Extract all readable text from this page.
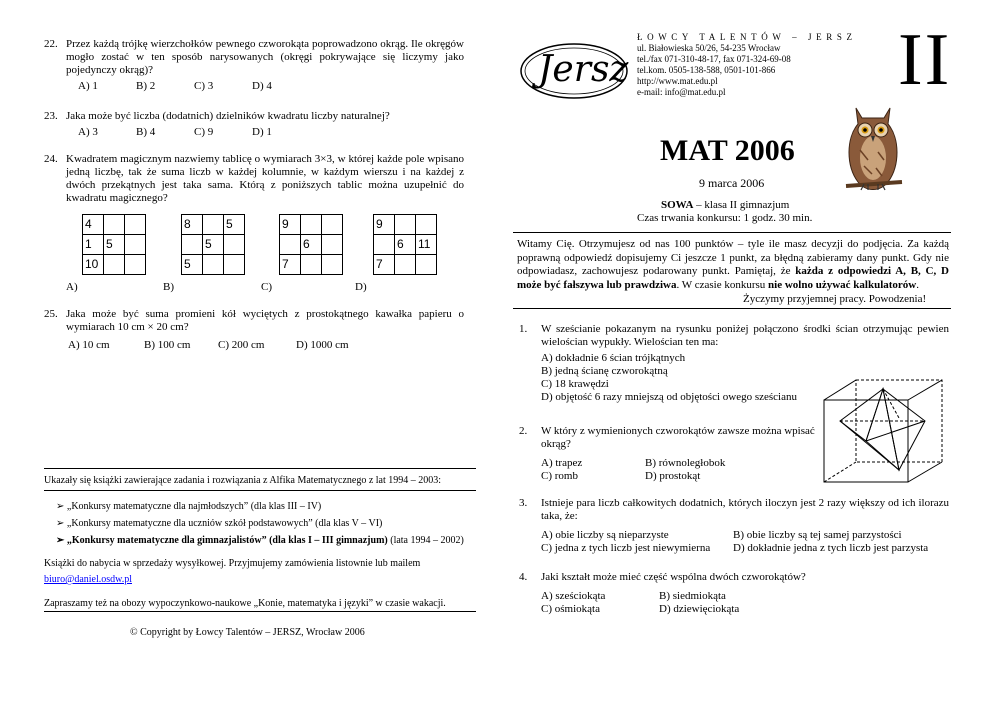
22. Przez każdą trójkę wierzchołków pewnego czworokąta poprowadzono okrąg. Ile okręgów mogło zostać w ten sposób narysowanych (okręgi pokrywające się liczymy jako pojedynczy okrąg)?

A) 1	B) 2	C) 3	D) 4
23. Jaka może być liczba (dodatnich) dzielników kwadratu liczby naturalnej?

A) 3	B) 4	C) 9	D) 1
24. Kwadratem magicznym nazwiemy tablicę o wymiarach 3×3, w której każde pole wpisano jedną liczbę, tak że suma liczb w każdej kolumnie, w każdym wierszu i na każdej z dwóch przekątnych jest taka sama. Którą z poniższych tablic można uzupełnić do kwadratu magicznego?

A)
4		
1	5	
10		
B)
8		5
	5	
5		
C)
9		
	6	
7		
D)
9		
	6	11
7		
25. Jaka może być suma promieni kół wyciętych z prostokątnego kawałka papieru o wymiarach 10 cm × 20 cm?

A) 10 cm	B) 100 cm	C) 200 cm	D) 1000 cm

Ukazały się książki zawierające zadania i rozwiązania z Alfika Matematycznego z lat 1994 – 2003:

➢ „Konkursy matematyczne dla najmłodszych” (dla klas III – IV)
➢ „Konkursy matematyczne dla uczniów szkół podstawowych” (dla klas V – VI)
➢ „Konkursy matematyczne dla gimnazjalistów” (dla klas I – III gimnazjum) (lata 1994 – 2002)

Książki do nabycia w sprzedaży wysyłkowej. Przyjmujemy zamówienia listownie lub mailem

biuro@daniel.osdw.pl

Zapraszamy też na obozy wypoczynkowo-naukowe „Konie, matematyka i języki” w czasie wakacji.

© Copyright by Łowcy Talentów – JERSZ, Wrocław 2006

Jersz

ŁOWCY TALENTÓW – JERSZ

ul. Białowieska 50/26, 54-235 Wrocław
tel./fax 071-310-48-17, fax 071-324-69-08
tel.kom. 0505-138-588, 0501-101-866
http://www.mat.edu.pl
e-mail: info@mat.edu.pl	II

MAT 2006

9 marca 2006

SOWA – klasa II gimnazjum

Czas trwania konkursu: 1 godz. 30 min.

Witamy Cię. Otrzymujesz od nas 100 punktów – tyle ile masz decyzji do podjęcia. Za każdą poprawną odpowiedź dopisujemy Ci jeszcze 1 punkt, za błędną zabieramy dany punkt. Gdy nie odpowiadasz, zachowujesz podarowany punkt. Pamiętaj, że każda z odpowiedzi A, B, C, D może być fałszywa lub prawdziwa. W czasie konkursu nie wolno używać kalkulatorów.

Życzymy przyjemnej pracy. Powodzenia!

1. W sześcianie pokazanym na rysunku poniżej połączono środki ścian otrzymując pewien wielościan wypukły. Wielościan ten ma:

A) dokładnie 6 ścian trójkątnych
B) jedną ścianę czworokątną
C) 18 krawędzi
D) objętość 6 razy mniejszą od objętości owego sześcianu
2. W który z wymienionych czworokątów zawsze można wpisać okrąg?

A) trapez	B) równoległobok
C) romb	D) prostokąt
3. Istnieje para liczb całkowitych dodatnich, których iloczyn jest 2 razy większy od ich ilorazu taka, że:

A) obie liczby są nieparzyste	B) obie liczby są tej samej parzystości
C) jedna z tych liczb jest niewymierna D) dokładnie jedna z tych liczb jest parzysta
4. Jaki kształt może mieć część wspólna dwóch czworokątów?

A) sześciokąta	B) siedmiokąta
C) ośmiokąta	D) dziewięciokąta
